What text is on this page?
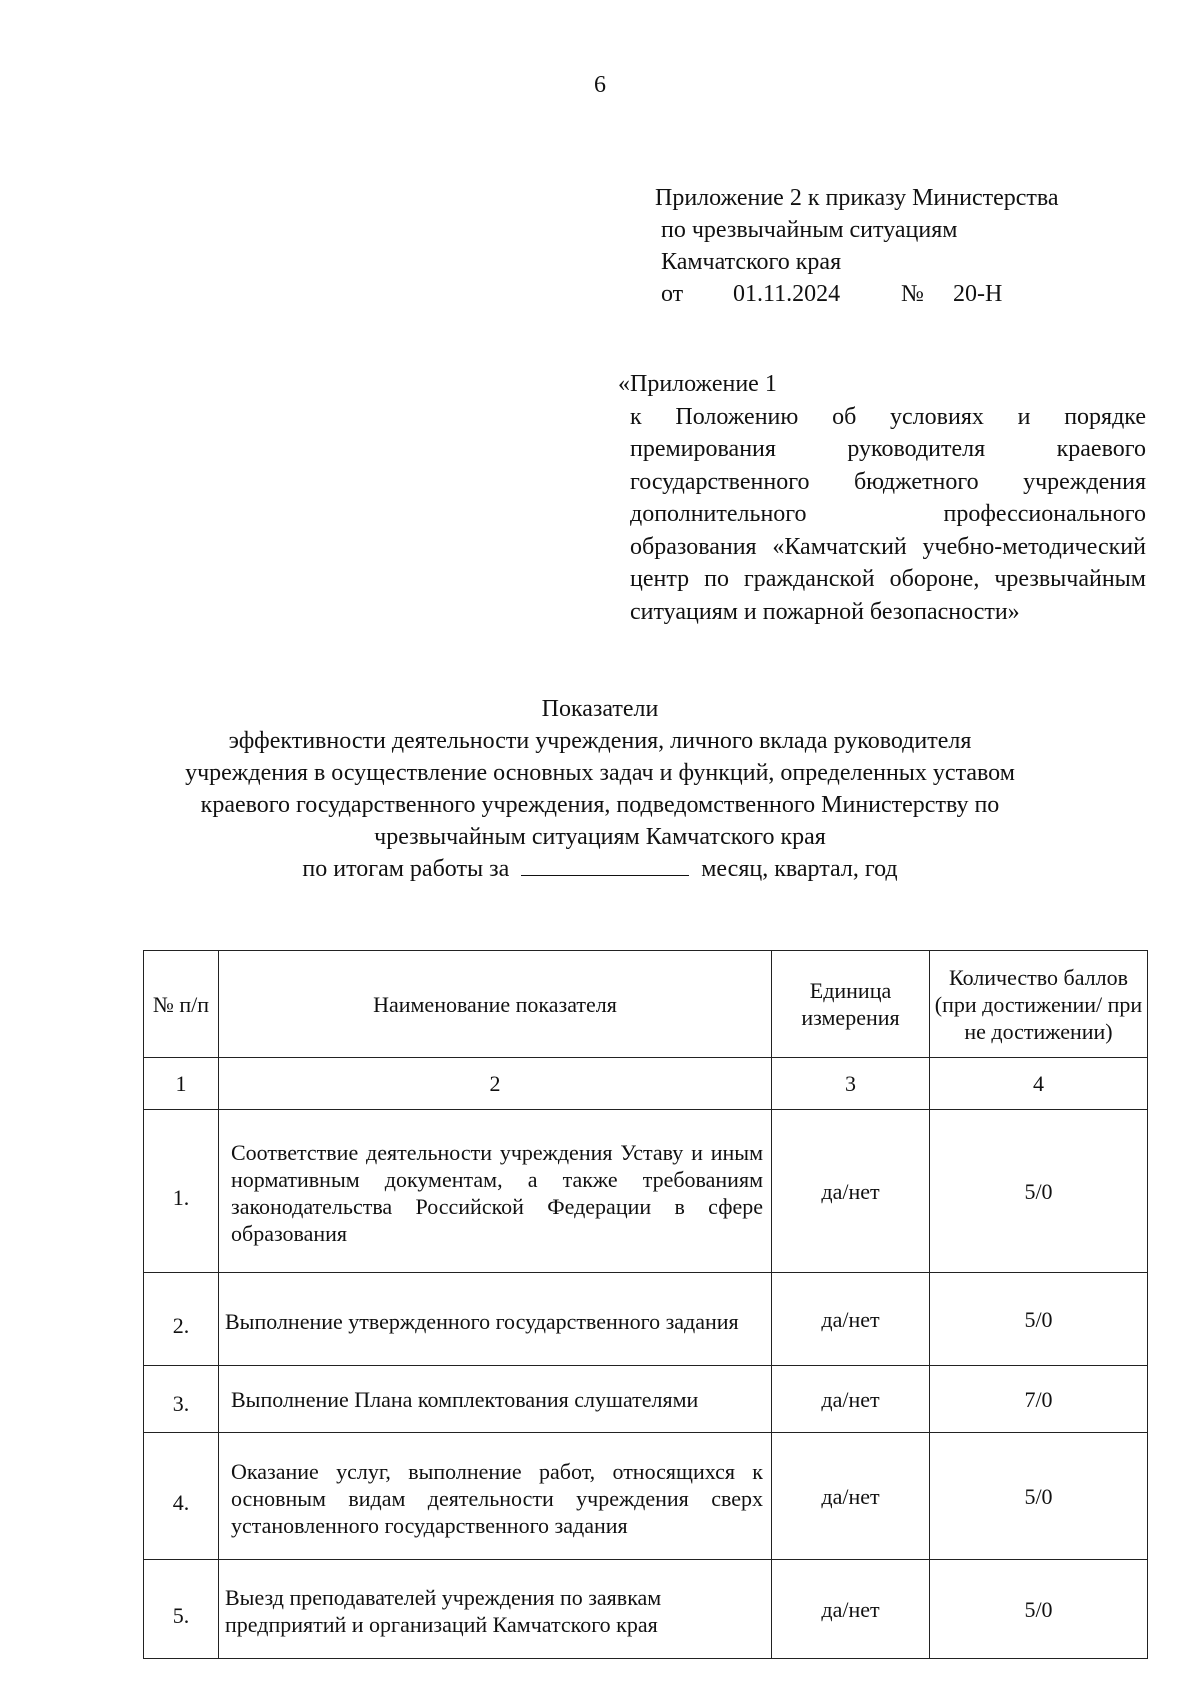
6
Приложение 2 к приказу Министерства
по чрезвычайным ситуациям
Камчатского края
от	01.11.2024	№	20-Н
«Приложение 1
к Положению об условиях и порядке премирования руководителя краевого государственного бюджетного учреждения дополнительного профессионального образования «Камчатский учебно-методический центр по гражданской обороне, чрезвычайным ситуациям и пожарной безопасности»
Показатели
эффективности деятельности учреждения, личного вклада руководителя
учреждения в осуществление основных задач и функций, определенных уставом
краевого государственного учреждения, подведомственного Министерству по
чрезвычайным ситуациям Камчатского края
по итогам работы за	месяц, квартал, год
№ п/п	Наименование показателя	Единица измерения	Количество баллов (при достижении/ при не достижении)
1	2	3	4
1.	Соответствие деятельности учреждения Уставу и иным нормативным документам, а также требованиям законодательства Российской Федерации в сфере образования	да/нет	5/0
2.	Выполнение утвержденного государственного задания	да/нет	5/0
3.	Выполнение Плана комплектования слушателями	да/нет	7/0
4.	Оказание услуг, выполнение работ, относящихся к основным видам деятельности учреждения сверх установленного государственного задания	да/нет	5/0
5.	Выезд преподавателей учреждения по заявкам предприятий и организаций Камчатского края	да/нет	5/0
